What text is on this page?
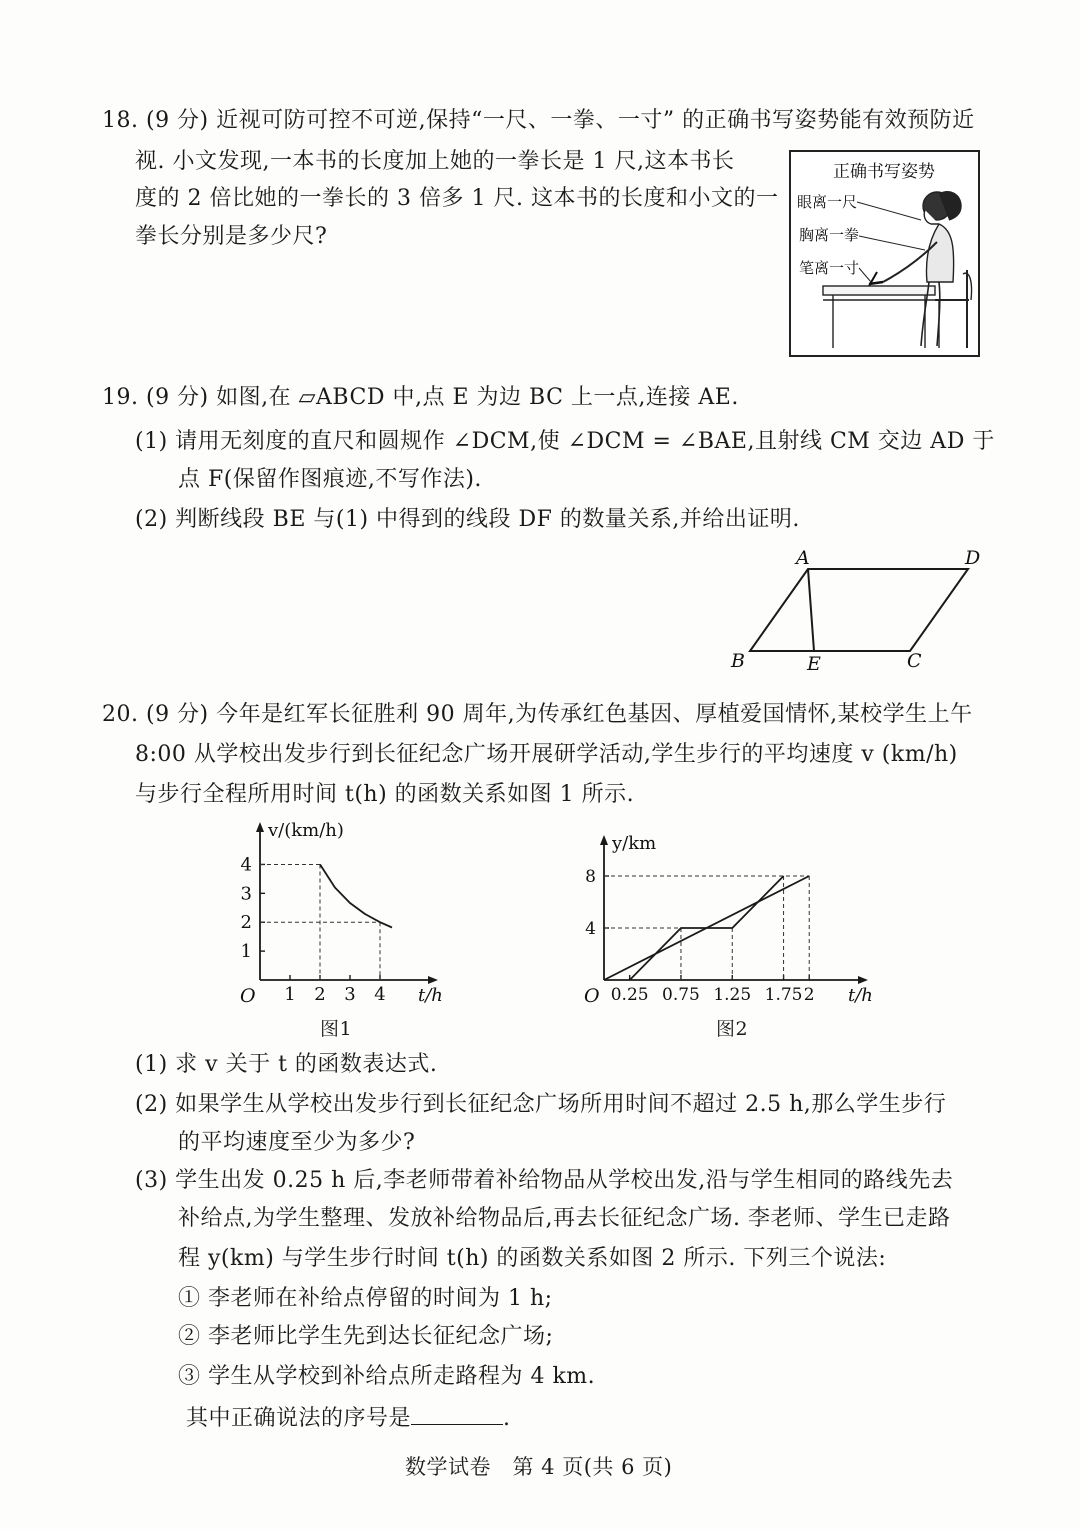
18. (9 分) 近视可防可控不可逆,保持“一尺、一拳、一寸” 的正确书写姿势能有效预防近
视. 小文发现,一本书的长度加上她的一拳长是 1 尺,这本书长
度的 2 倍比她的一拳长的 3 倍多 1 尺. 这本书的长度和小文的一
拳长分别是多少尺?
正确书写姿势
眼离一尺
胸离一拳
笔离一寸
19. (9 分) 如图,在 ▱ABCD 中,点 E 为边 BC 上一点,连接 AE.
(1) 请用无刻度的直尺和圆规作 ∠DCM,使 ∠DCM = ∠BAE,且射线 CM 交边 AD 于
点 F(保留作图痕迹,不写作法).
(2) 判断线段 BE 与(1) 中得到的线段 DF 的数量关系,并给出证明.
A	D
B	E	C
20. (9 分) 今年是红军长征胜利 90 周年,为传承红色基因、厚植爱国情怀,某校学生上午
8:00 从学校出发步行到长征纪念广场开展研学活动,学生步行的平均速度 v (km/h)
与步行全程所用时间 t(h) 的函数关系如图 1 所示.
1 2 3 4
1
2
3
4
O	t/h
v/(km/h)
图1
0.25 0.75 1.25 1.75 2
4
8
O	t/h
y/km
图2
(1) 求 v 关于 t 的函数表达式.
(2) 如果学生从学校出发步行到长征纪念广场所用时间不超过 2.5 h,那么学生步行
的平均速度至少为多少?
(3) 学生出发 0.25 h 后,李老师带着补给物品从学校出发,沿与学生相同的路线先去
补给点,为学生整理、发放补给物品后,再去长征纪念广场. 李老师、学生已走路
程 y(km) 与学生步行时间 t(h) 的函数关系如图 2 所示. 下列三个说法:
① 李老师在补给点停留的时间为 1 h;
② 李老师比学生先到达长征纪念广场;
③ 学生从学校到补给点所走路程为 4 km.
其中正确说法的序号是	.
数学试卷　第 4 页(共 6 页)
